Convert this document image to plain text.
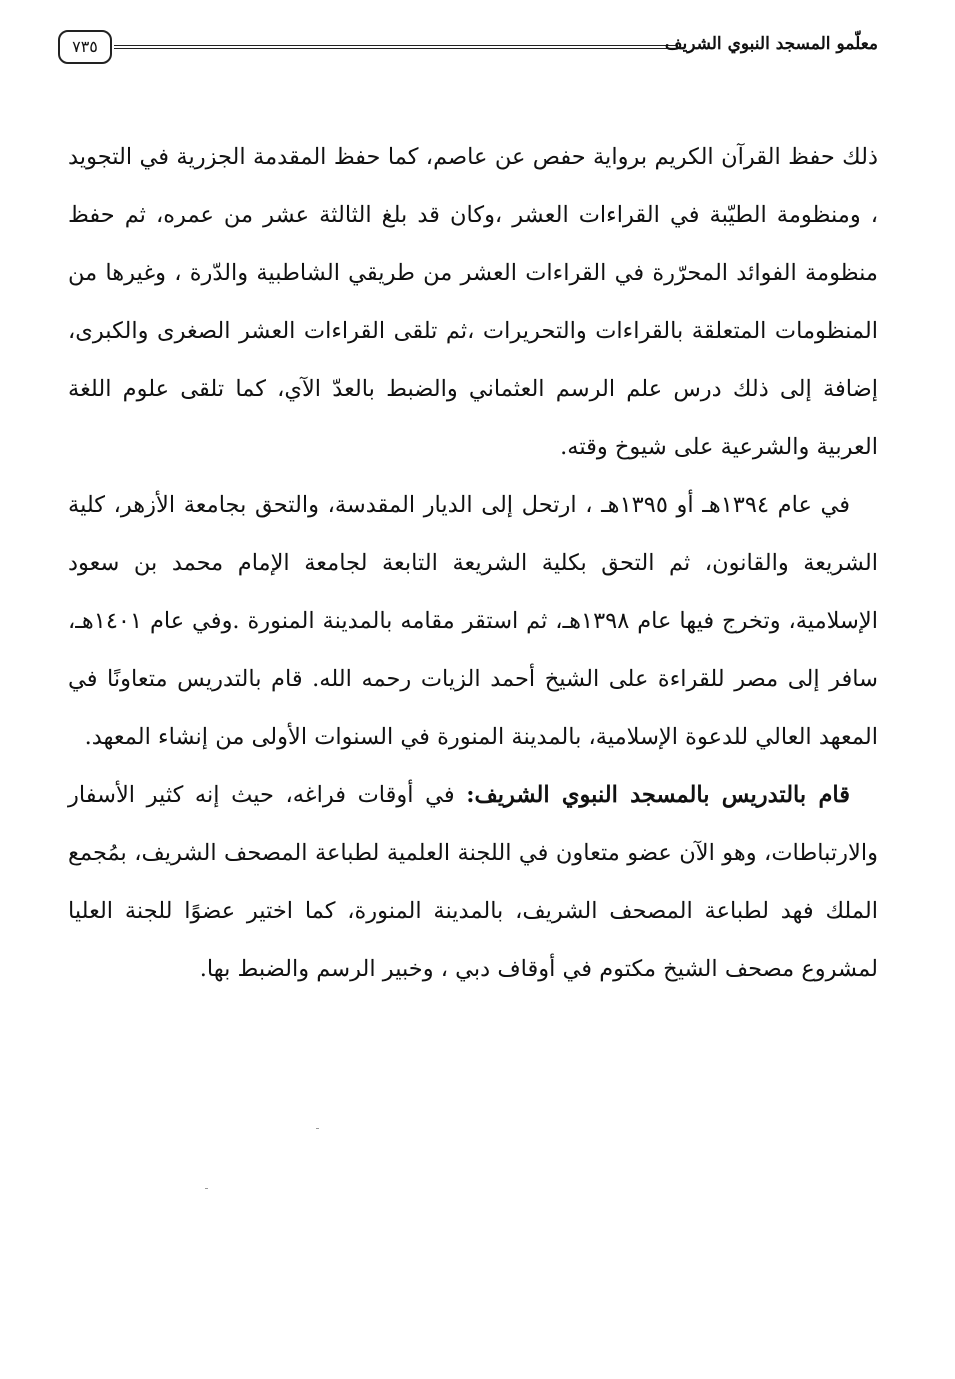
٧٣٥	معلّمو المسجد النبوي الشريف

ذلك حفظ القرآن الكريم برواية حفص عن عاصم، كما حفظ المقدمة الجزرية في التجويد ، ومنظومة الطيّبة في القراءات العشر ،وكان قد بلغ الثالثة عشر من عمره، ثم حفظ منظومة الفوائد المحرّرة في القراءات العشر من طريقي الشاطبية والدّرة ، وغيرها من المنظومات المتعلقة بالقراءات والتحريرات ،ثم تلقى القراءات العشر الصغرى والكبرى، إضافة إلى ذلك درس علم الرسم العثماني والضبط بالعدّ الآي، كما تلقى علوم اللغة العربية والشرعية على شيوخ وقته.

في عام ١٣٩٤هـ أو ١٣٩٥هـ ، ارتحل إلى الديار المقدسة، والتحق بجامعة الأزهر، كلية الشريعة والقانون، ثم التحق بكلية الشريعة التابعة لجامعة الإمام محمد بن سعود الإسلامية، وتخرج فيها عام ١٣٩٨هـ، ثم استقر مقامه بالمدينة المنورة .وفي عام ١٤٠١هـ، سافر إلى مصر للقراءة على الشيخ أحمد الزيات رحمه الله. قام بالتدريس متعاونًا في المعهد العالي للدعوة الإسلامية، بالمدينة المنورة في السنوات الأولى من إنشاء المعهد.

قام بالتدريس بالمسجد النبوي الشريف: في أوقات فراغه، حيث إنه كثير الأسفار والارتباطات، وهو الآن عضو متعاون في اللجنة العلمية لطباعة المصحف الشريف، بمُجمع الملك فهد لطباعة المصحف الشريف، بالمدينة المنورة، كما اختير عضوًا للجنة العليا لمشروع مصحف الشيخ مكتوم في أوقاف دبي ، وخبير الرسم والضبط بها.
